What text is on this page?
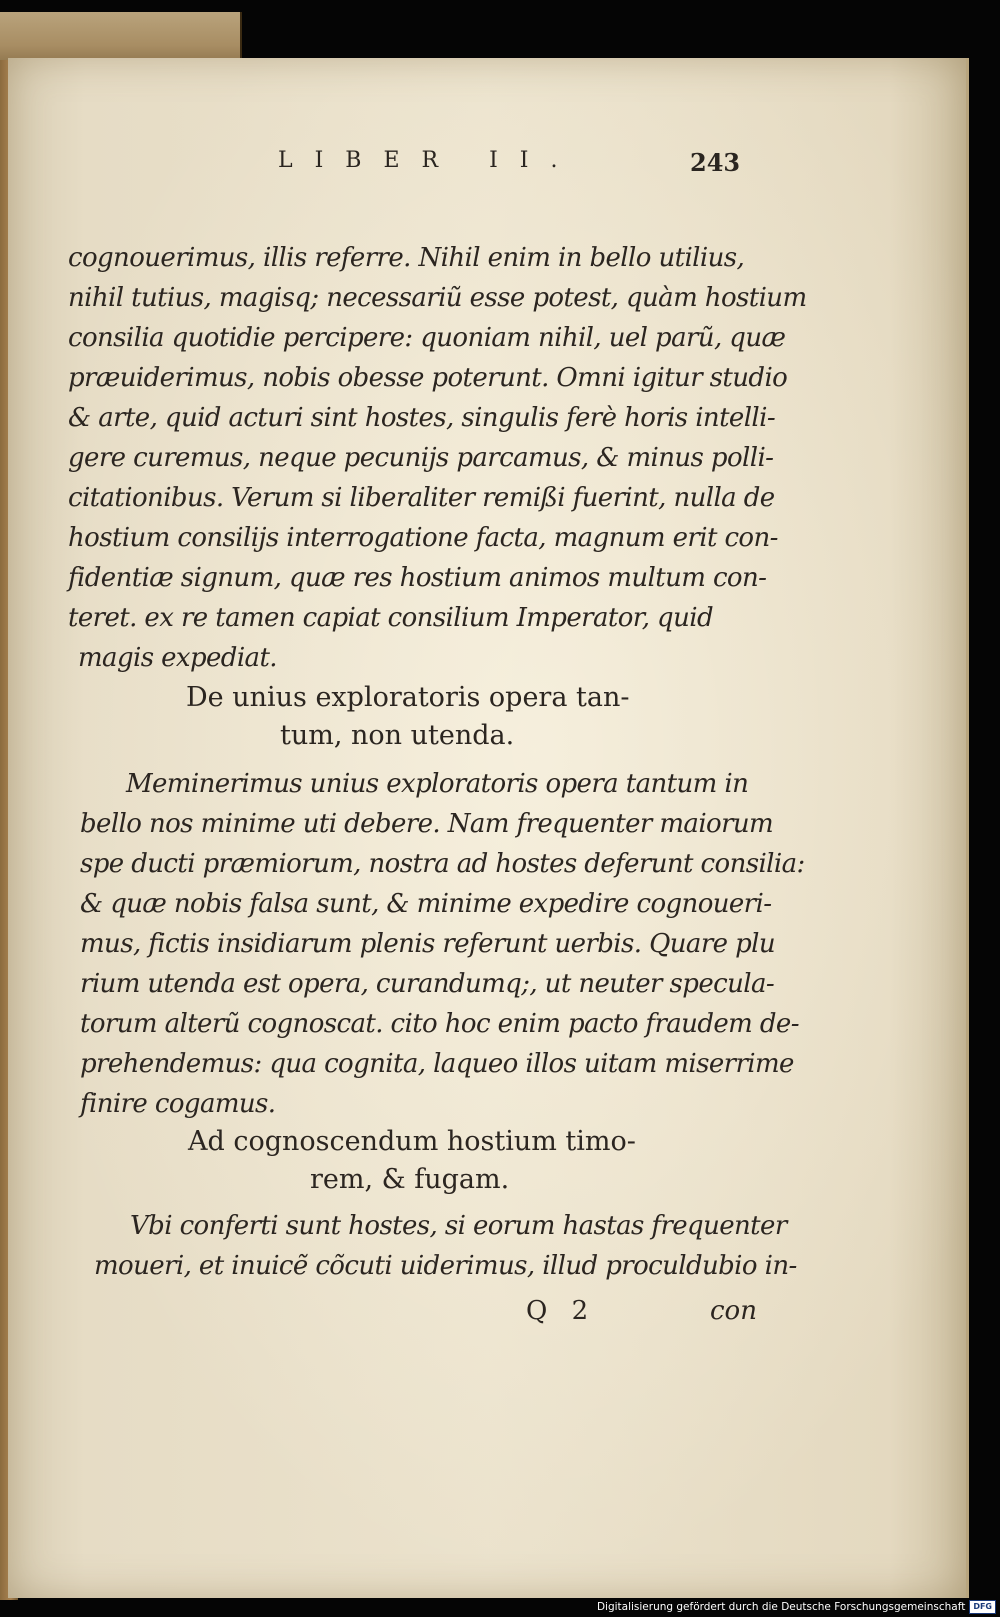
LIBER II.	243
cognouerimus, illis referre. Nihil enim in bello utilius,
nihil tutius, magisq; necessariũ esse potest, quàm hostium
consilia quotidie percipere: quoniam nihil, uel parũ, quæ
præuiderimus, nobis obesse poterunt. Omni igitur studio
& arte, quid acturi sint hostes, singulis ferè horis intelli-
gere curemus, neque pecunijs parcamus, & minus polli-
citationibus. Verum si liberaliter remißi fuerint, nulla de
hostium consilijs interrogatione facta, magnum erit con-
fidentiæ signum, quæ res hostium animos multum con-
teret. ex re tamen capiat consilium Imperator, quid
magis expediat.
De unius exploratoris opera tan-
tum, non utenda.
Meminerimus unius exploratoris opera tantum in
bello nos minime uti debere. Nam frequenter maiorum
spe ducti præmiorum, nostra ad hostes deferunt consilia:
& quæ nobis falsa sunt, & minime expedire cognoueri-
mus, fictis insidiarum plenis referunt uerbis. Quare plu
rium utenda est opera, curandumq;, ut neuter specula-
torum alterũ cognoscat. cito hoc enim pacto fraudem de-
prehendemus: qua cognita, laqueo illos uitam miserrime
finire cogamus.
Ad cognoscendum hostium timo-
rem, & fugam.
Vbi conferti sunt hostes, si eorum hastas frequenter
moueri, et inuicẽ cõcuti uiderimus, illud proculdubio in-
Q 2	con
Digitalisierung gefördert durch die Deutsche Forschungsgemeinschaft	DFG
